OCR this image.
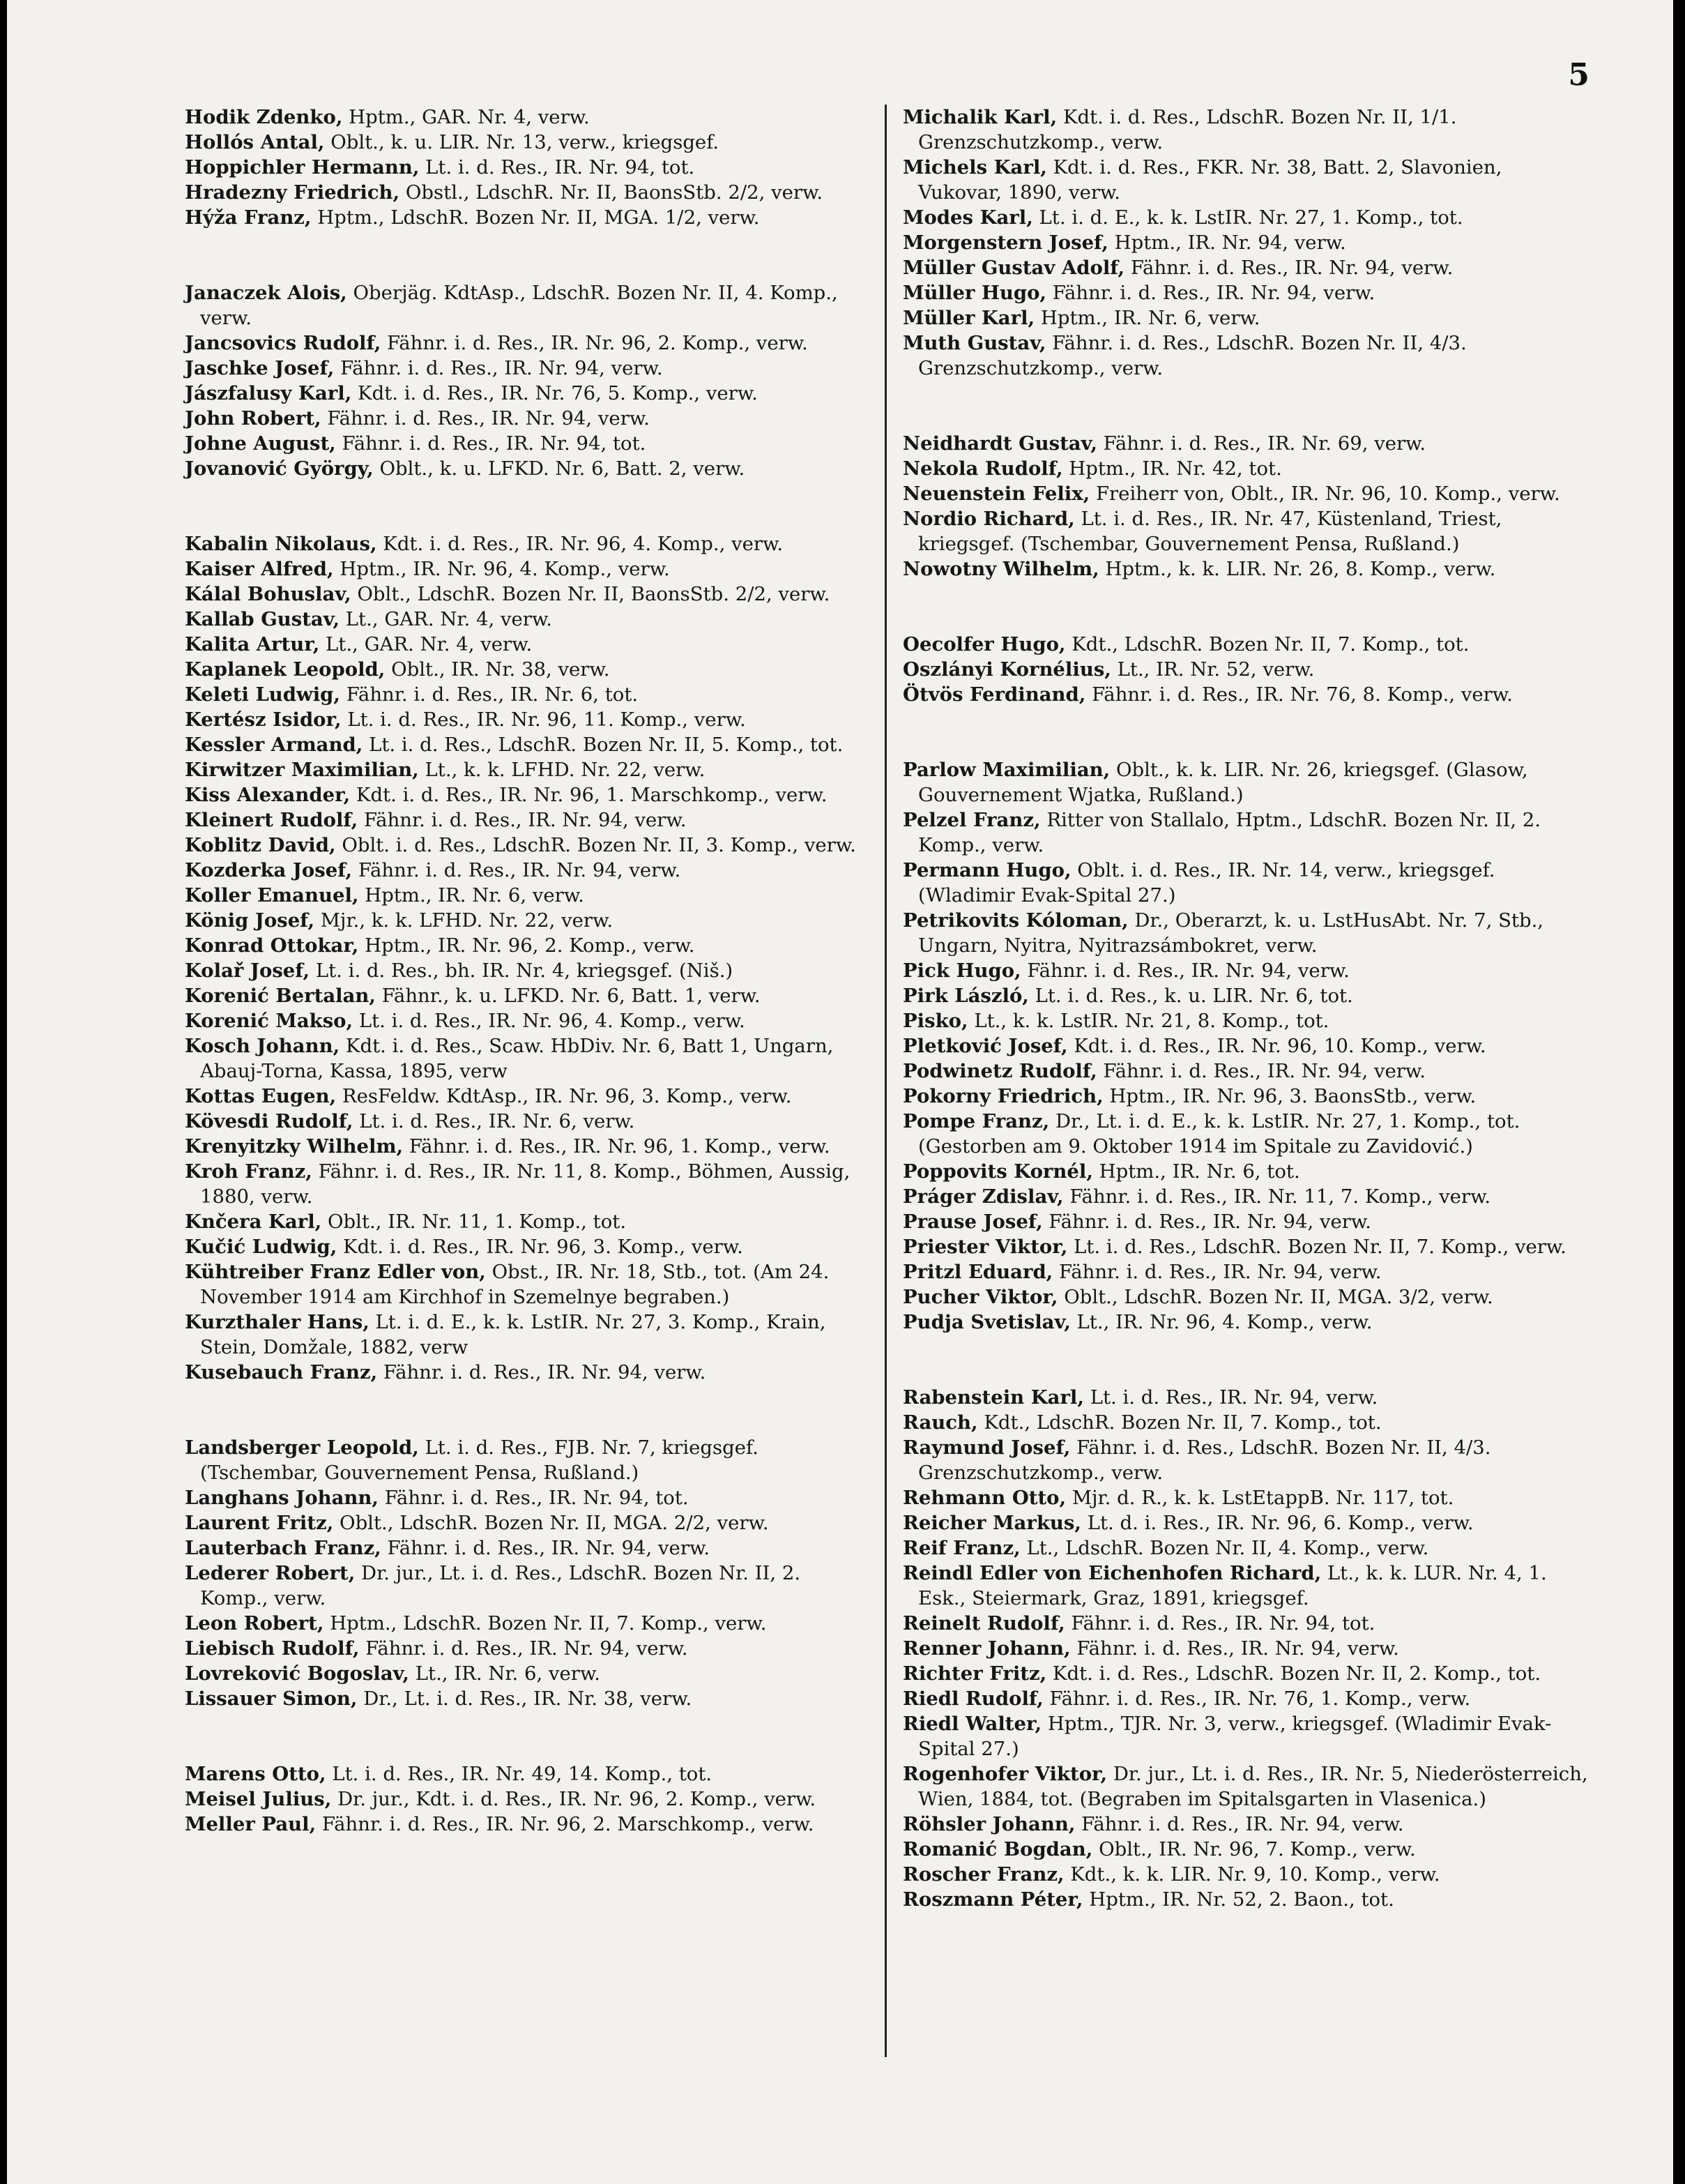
5
Hodik Zdenko, Hptm., GAR. Nr. 4, verw.
Hollós Antal, Oblt., k. u. LIR. Nr. 13, verw., kriegsgef.
Hoppichler Hermann, Lt. i. d. Res., IR. Nr. 94, tot.
Hradezny Friedrich, Obstl., LdschR. Nr. II, BaonsStb. 2/2, verw.
Hýža Franz, Hptm., LdschR. Bozen Nr. II, MGA. 1/2, verw.
Janaczek Alois, Oberjäg. KdtAsp., LdschR. Bozen Nr. II, 4. Komp., verw.
Jancsovics Rudolf, Fähnr. i. d. Res., IR. Nr. 96, 2. Komp., verw.
Jaschke Josef, Fähnr. i. d. Res., IR. Nr. 94, verw.
Jászfalusy Karl, Kdt. i. d. Res., IR. Nr. 76, 5. Komp., verw.
John Robert, Fähnr. i. d. Res., IR. Nr. 94, verw.
Johne August, Fähnr. i. d. Res., IR. Nr. 94, tot.
Jovanović György, Oblt., k. u. LFKD. Nr. 6, Batt. 2, verw.
Kabalin Nikolaus, Kdt. i. d. Res., IR. Nr. 96, 4. Komp., verw.
Kaiser Alfred, Hptm., IR. Nr. 96, 4. Komp., verw.
Kálal Bohuslav, Oblt., LdschR. Bozen Nr. II, BaonsStb. 2/2, verw.
Kallab Gustav, Lt., GAR. Nr. 4, verw.
Kalita Artur, Lt., GAR. Nr. 4, verw.
Kaplanek Leopold, Oblt., IR. Nr. 38, verw.
Keleti Ludwig, Fähnr. i. d. Res., IR. Nr. 6, tot.
Kertész Isidor, Lt. i. d. Res., IR. Nr. 96, 11. Komp., verw.
Kessler Armand, Lt. i. d. Res., LdschR. Bozen Nr. II, 5. Komp., tot.
Kirwitzer Maximilian, Lt., k. k. LFHD. Nr. 22, verw.
Kiss Alexander, Kdt. i. d. Res., IR. Nr. 96, 1. Marschkomp., verw.
Kleinert Rudolf, Fähnr. i. d. Res., IR. Nr. 94, verw.
Koblitz David, Oblt. i. d. Res., LdschR. Bozen Nr. II, 3. Komp., verw.
Kozderka Josef, Fähnr. i. d. Res., IR. Nr. 94, verw.
Koller Emanuel, Hptm., IR. Nr. 6, verw.
König Josef, Mjr., k. k. LFHD. Nr. 22, verw.
Konrad Ottokar, Hptm., IR. Nr. 96, 2. Komp., verw.
Kolař Josef, Lt. i. d. Res., bh. IR. Nr. 4, kriegsgef. (Niš.)
Korenić Bertalan, Fähnr., k. u. LFKD. Nr. 6, Batt. 1, verw.
Korenić Makso, Lt. i. d. Res., IR. Nr. 96, 4. Komp., verw.
Kosch Johann, Kdt. i. d. Res., Scaw. HbDiv. Nr. 6, Batt 1, Ungarn, Abauj-Torna, Kassa, 1895, verw
Kottas Eugen, ResFeldw. KdtAsp., IR. Nr. 96, 3. Komp., verw.
Kövesdi Rudolf, Lt. i. d. Res., IR. Nr. 6, verw.
Krenyitzky Wilhelm, Fähnr. i. d. Res., IR. Nr. 96, 1. Komp., verw.
Kroh Franz, Fähnr. i. d. Res., IR. Nr. 11, 8. Komp., Böhmen, Aussig, 1880, verw.
Knčera Karl, Oblt., IR. Nr. 11, 1. Komp., tot.
Kučić Ludwig, Kdt. i. d. Res., IR. Nr. 96, 3. Komp., verw.
Kühtreiber Franz Edler von, Obst., IR. Nr. 18, Stb., tot. (Am 24. November 1914 am Kirchhof in Szemelnye begraben.)
Kurzthaler Hans, Lt. i. d. E., k. k. LstIR. Nr. 27, 3. Komp., Krain, Stein, Domžale, 1882, verw
Kusebauch Franz, Fähnr. i. d. Res., IR. Nr. 94, verw.
Landsberger Leopold, Lt. i. d. Res., FJB. Nr. 7, kriegsgef. (Tschembar, Gouvernement Pensa, Rußland.)
Langhans Johann, Fähnr. i. d. Res., IR. Nr. 94, tot.
Laurent Fritz, Oblt., LdschR. Bozen Nr. II, MGA. 2/2, verw.
Lauterbach Franz, Fähnr. i. d. Res., IR. Nr. 94, verw.
Lederer Robert, Dr. jur., Lt. i. d. Res., LdschR. Bozen Nr. II, 2. Komp., verw.
Leon Robert, Hptm., LdschR. Bozen Nr. II, 7. Komp., verw.
Liebisch Rudolf, Fähnr. i. d. Res., IR. Nr. 94, verw.
Lovreković Bogoslav, Lt., IR. Nr. 6, verw.
Lissauer Simon, Dr., Lt. i. d. Res., IR. Nr. 38, verw.
Marens Otto, Lt. i. d. Res., IR. Nr. 49, 14. Komp., tot.
Meisel Julius, Dr. jur., Kdt. i. d. Res., IR. Nr. 96, 2. Komp., verw.
Meller Paul, Fähnr. i. d. Res., IR. Nr. 96, 2. Marschkomp., verw.
Michalik Karl, Kdt. i. d. Res., LdschR. Bozen Nr. II, 1/1. Grenzschutzkomp., verw.
Michels Karl, Kdt. i. d. Res., FKR. Nr. 38, Batt. 2, Slavonien, Vukovar, 1890, verw.
Modes Karl, Lt. i. d. E., k. k. LstIR. Nr. 27, 1. Komp., tot.
Morgenstern Josef, Hptm., IR. Nr. 94, verw.
Müller Gustav Adolf, Fähnr. i. d. Res., IR. Nr. 94, verw.
Müller Hugo, Fähnr. i. d. Res., IR. Nr. 94, verw.
Müller Karl, Hptm., IR. Nr. 6, verw.
Muth Gustav, Fähnr. i. d. Res., LdschR. Bozen Nr. II, 4/3. Grenzschutzkomp., verw.
Neidhardt Gustav, Fähnr. i. d. Res., IR. Nr. 69, verw.
Nekola Rudolf, Hptm., IR. Nr. 42, tot.
Neuenstein Felix, Freiherr von, Oblt., IR. Nr. 96, 10. Komp., verw.
Nordio Richard, Lt. i. d. Res., IR. Nr. 47, Küstenland, Triest, kriegsgef. (Tschembar, Gouvernement Pensa, Rußland.)
Nowotny Wilhelm, Hptm., k. k. LIR. Nr. 26, 8. Komp., verw.
Oecolfer Hugo, Kdt., LdschR. Bozen Nr. II, 7. Komp., tot.
Oszlányi Kornélius, Lt., IR. Nr. 52, verw.
Ötvös Ferdinand, Fähnr. i. d. Res., IR. Nr. 76, 8. Komp., verw.
Parlow Maximilian, Oblt., k. k. LIR. Nr. 26, kriegsgef. (Glasow, Gouvernement Wjatka, Rußland.)
Pelzel Franz, Ritter von Stallalo, Hptm., LdschR. Bozen Nr. II, 2. Komp., verw.
Permann Hugo, Oblt. i. d. Res., IR. Nr. 14, verw., kriegsgef. (Wladimir Evak-Spital 27.)
Petrikovits Kóloman, Dr., Oberarzt, k. u. LstHusAbt. Nr. 7, Stb., Ungarn, Nyitra, Nyitrazsámbokret, verw.
Pick Hugo, Fähnr. i. d. Res., IR. Nr. 94, verw.
Pirk László, Lt. i. d. Res., k. u. LIR. Nr. 6, tot.
Pisko, Lt., k. k. LstIR. Nr. 21, 8. Komp., tot.
Pletković Josef, Kdt. i. d. Res., IR. Nr. 96, 10. Komp., verw.
Podwinetz Rudolf, Fähnr. i. d. Res., IR. Nr. 94, verw.
Pokorny Friedrich, Hptm., IR. Nr. 96, 3. BaonsStb., verw.
Pompe Franz, Dr., Lt. i. d. E., k. k. LstIR. Nr. 27, 1. Komp., tot. (Gestorben am 9. Oktober 1914 im Spitale zu Zavidović.)
Poppovits Kornél, Hptm., IR. Nr. 6, tot.
Práger Zdislav, Fähnr. i. d. Res., IR. Nr. 11, 7. Komp., verw.
Prause Josef, Fähnr. i. d. Res., IR. Nr. 94, verw.
Priester Viktor, Lt. i. d. Res., LdschR. Bozen Nr. II, 7. Komp., verw.
Pritzl Eduard, Fähnr. i. d. Res., IR. Nr. 94, verw.
Pucher Viktor, Oblt., LdschR. Bozen Nr. II, MGA. 3/2, verw.
Pudja Svetislav, Lt., IR. Nr. 96, 4. Komp., verw.
Rabenstein Karl, Lt. i. d. Res., IR. Nr. 94, verw.
Rauch, Kdt., LdschR. Bozen Nr. II, 7. Komp., tot.
Raymund Josef, Fähnr. i. d. Res., LdschR. Bozen Nr. II, 4/3. Grenzschutzkomp., verw.
Rehmann Otto, Mjr. d. R., k. k. LstEtappB. Nr. 117, tot.
Reicher Markus, Lt. d. i. Res., IR. Nr. 96, 6. Komp., verw.
Reif Franz, Lt., LdschR. Bozen Nr. II, 4. Komp., verw.
Reindl Edler von Eichenhofen Richard, Lt., k. k. LUR. Nr. 4, 1. Esk., Steiermark, Graz, 1891, kriegsgef.
Reinelt Rudolf, Fähnr. i. d. Res., IR. Nr. 94, tot.
Renner Johann, Fähnr. i. d. Res., IR. Nr. 94, verw.
Richter Fritz, Kdt. i. d. Res., LdschR. Bozen Nr. II, 2. Komp., tot.
Riedl Rudolf, Fähnr. i. d. Res., IR. Nr. 76, 1. Komp., verw.
Riedl Walter, Hptm., TJR. Nr. 3, verw., kriegsgef. (Wladimir Evak-Spital 27.)
Rogenhofer Viktor, Dr. jur., Lt. i. d. Res., IR. Nr. 5, Niederösterreich, Wien, 1884, tot. (Begraben im Spitalsgarten in Vlasenica.)
Röhsler Johann, Fähnr. i. d. Res., IR. Nr. 94, verw.
Romanić Bogdan, Oblt., IR. Nr. 96, 7. Komp., verw.
Roscher Franz, Kdt., k. k. LIR. Nr. 9, 10. Komp., verw.
Roszmann Péter, Hptm., IR. Nr. 52, 2. Baon., tot.
